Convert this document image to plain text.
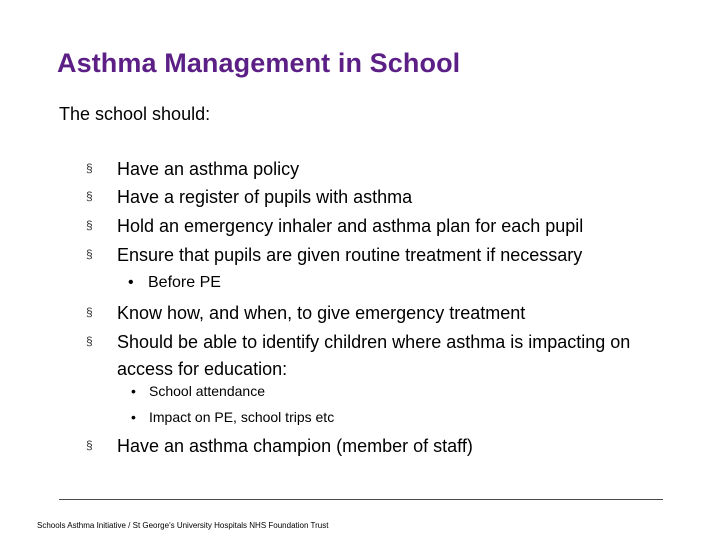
Asthma Management in School
The school should:
§ Have an asthma policy
§ Have a register of pupils with asthma
§ Hold an emergency inhaler and asthma plan for each pupil
§ Ensure that pupils are given routine treatment if necessary
• Before PE
§ Know how, and when, to give emergency treatment
§ Should be able to identify children where asthma is impacting on
access for education:
• School attendance
• Impact on PE, school trips etc
§ Have an asthma champion (member of staff)
Schools Asthma Initiative / St George's University Hospitals NHS Foundation Trust
